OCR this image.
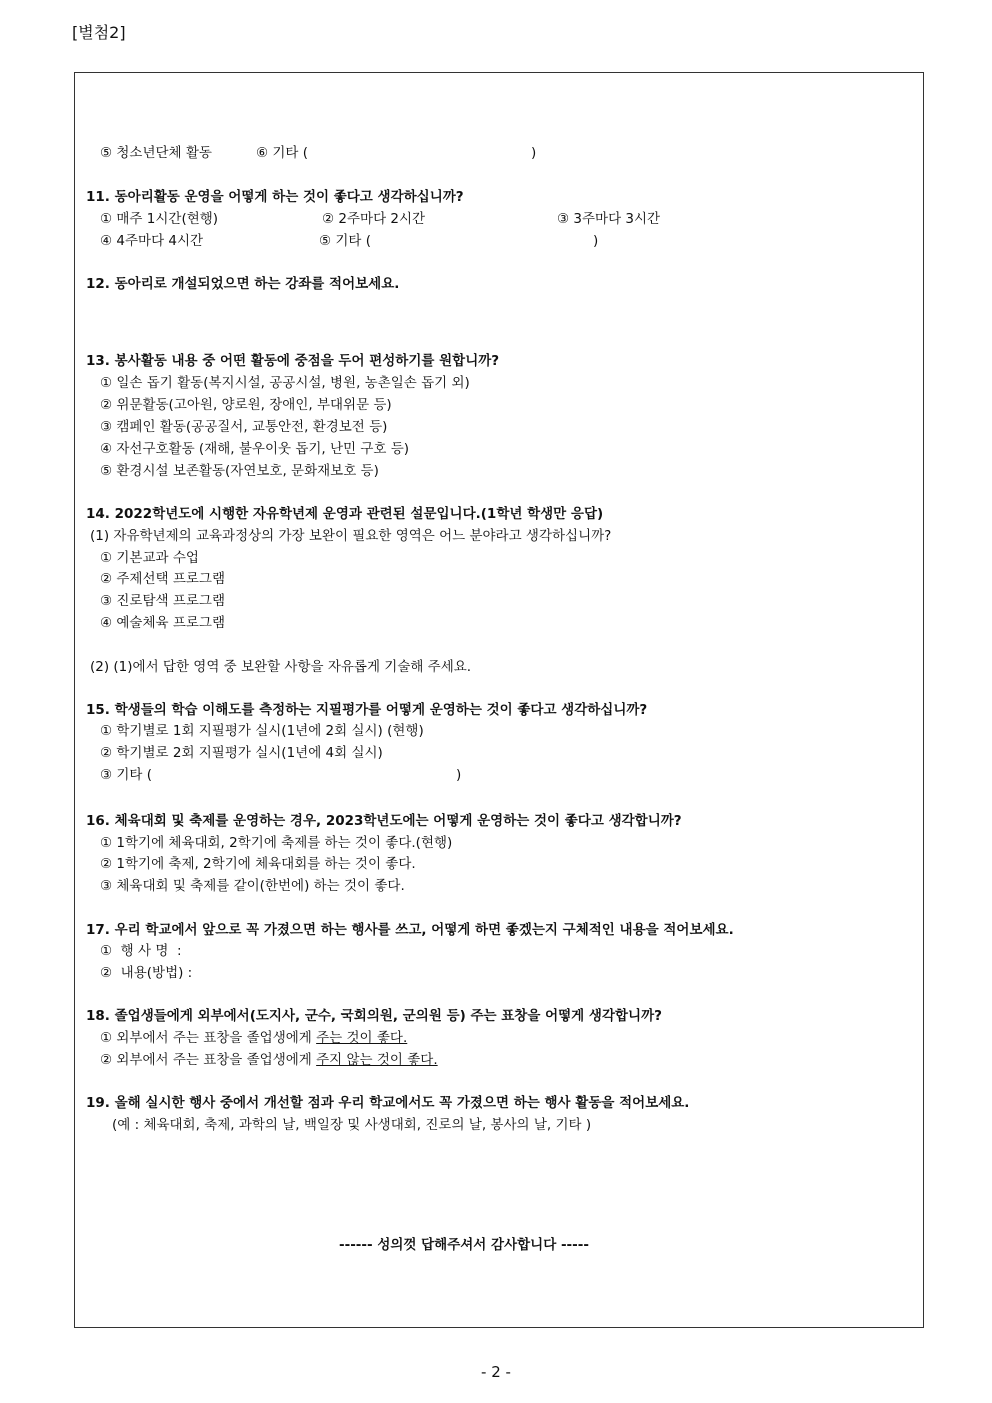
[별첨2]
⑤ 청소년단체 활동	⑥ 기타 (	)
11. 동아리활동 운영을 어떻게 하는 것이 좋다고 생각하십니까?
① 매주 1시간(현행)	② 2주마다 2시간	③ 3주마다 3시간
④ 4주마다 4시간	⑤ 기타 (	)
12. 동아리로 개설되었으면 하는 강좌를 적어보세요.
13. 봉사활동 내용 중 어떤 활동에 중점을 두어 편성하기를 원합니까?
① 일손 돕기 활동(복지시설, 공공시설, 병원, 농촌일손 돕기 외)
② 위문활동(고아원, 양로원, 장애인, 부대위문 등)
③ 캠페인 활동(공공질서, 교통안전, 환경보전 등)
④ 자선구호활동 (재해, 불우이웃 돕기, 난민 구호 등)
⑤ 환경시설 보존활동(자연보호, 문화재보호 등)
14. 2022학년도에 시행한 자유학년제 운영과 관련된 설문입니다.(1학년 학생만 응답)
(1) 자유학년제의 교육과정상의 가장 보완이 필요한 영역은 어느 분야라고 생각하십니까?
① 기본교과 수업
② 주제선택 프로그램
③ 진로탐색 프로그램
④ 예술체육 프로그램
(2) (1)에서 답한 영역 중 보완할 사항을 자유롭게 기술해 주세요.
15. 학생들의 학습 이해도를 측정하는 지필평가를 어떻게 운영하는 것이 좋다고 생각하십니까?
① 학기별로 1회 지필평가 실시(1년에 2회 실시) (현행)
② 학기별로 2회 지필평가 실시(1년에 4회 실시)
③ 기타 (	)
16. 체육대회 및 축제를 운영하는 경우, 2023학년도에는 어떻게 운영하는 것이 좋다고 생각합니까?
① 1학기에 체육대회, 2학기에 축제를 하는 것이 좋다.(현행)
② 1학기에 축제, 2학기에 체육대회를 하는 것이 좋다.
③ 체육대회 및 축제를 같이(한번에) 하는 것이 좋다.
17. 우리 학교에서 앞으로 꼭 가졌으면 하는 행사를 쓰고, 어떻게 하면 좋겠는지 구체적인 내용을 적어보세요.
①  행 사 명  :
②  내용(방법) :
18. 졸업생들에게 외부에서(도지사, 군수, 국회의원, 군의원 등) 주는 표창을 어떻게 생각합니까?
① 외부에서 주는 표창을 졸업생에게 주는 것이 좋다.
② 외부에서 주는 표창을 졸업생에게 주지 않는 것이 좋다.
19. 올해 실시한 행사 중에서 개선할 점과 우리 학교에서도 꼭 가졌으면 하는 행사 활동을 적어보세요.
(예 : 체육대회, 축제, 과학의 날, 백일장 및 사생대회, 진로의 날, 봉사의 날, 기타 )
------ 성의껏 답해주셔서 감사합니다 -----
- 2 -
